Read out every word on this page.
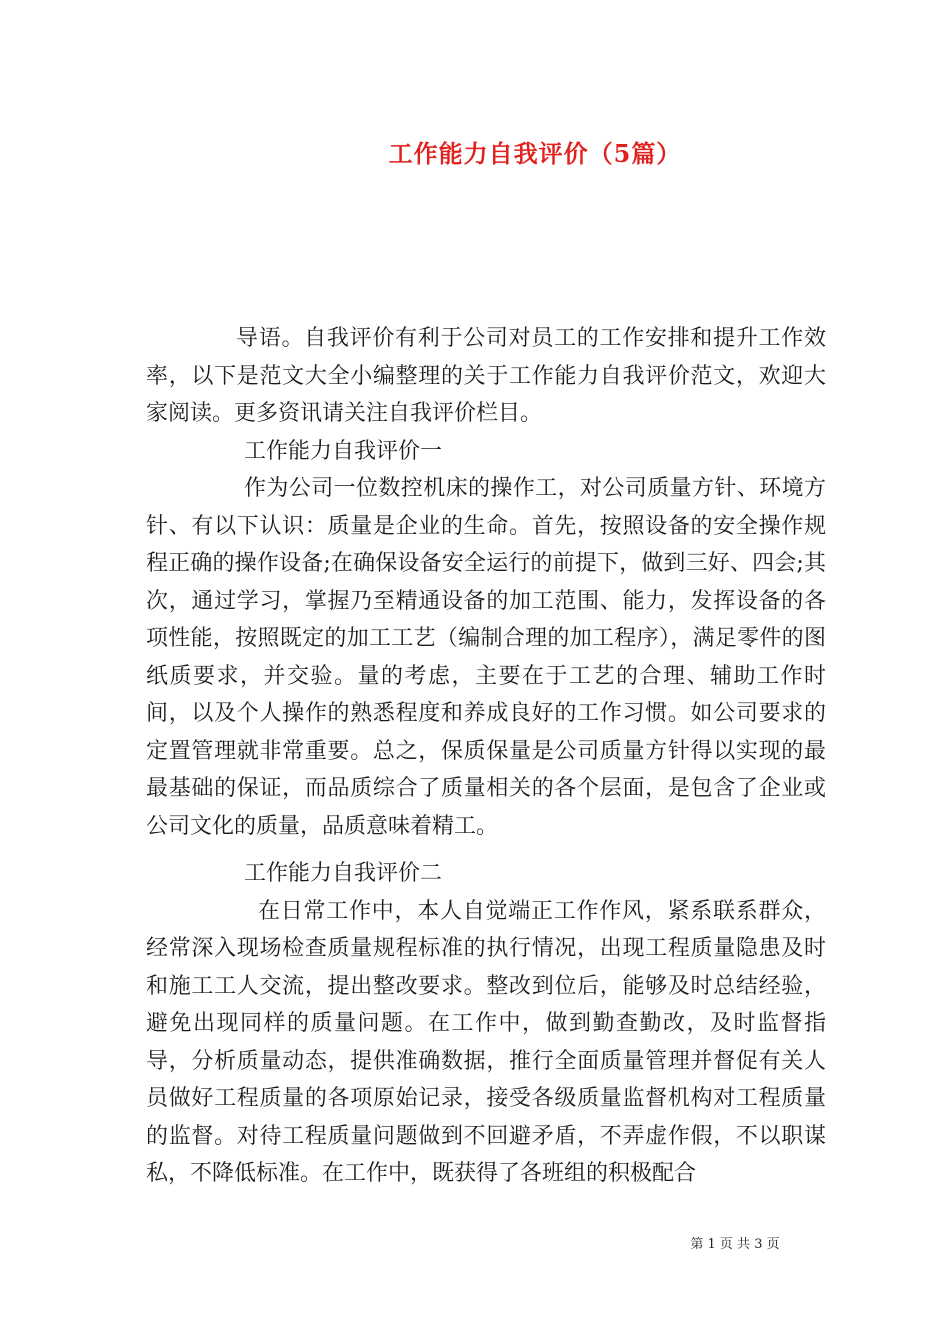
工作能力自我评价（5篇）

导语。自我评价有利于公司对员工的工作安排和提升工作效率，以下是范文大全小编整理的关于工作能力自我评价范文，欢迎大家阅读。更多资讯请关注自我评价栏目。

工作能力自我评价一

作为公司一位数控机床的操作工，对公司质量方针、环境方针、有以下认识：质量是企业的生命。首先，按照设备的安全操作规程正确的操作设备;在确保设备安全运行的前提下，做到三好、四会;其次，通过学习，掌握乃至精通设备的加工范围、能力，发挥设备的各项性能，按照既定的加工工艺（编制合理的加工程序），满足零件的图纸质要求，并交验。量的考虑，主要在于工艺的合理、辅助工作时间，以及个人操作的熟悉程度和养成良好的工作习惯。如公司要求的定置管理就非常重要。总之，保质保量是公司质量方针得以实现的最最基础的保证，而品质综合了质量相关的各个层面，是包含了企业或公司文化的质量，品质意味着精工。

工作能力自我评价二

在日常工作中，本人自觉端正工作作风，紧系联系群众，经常深入现场检查质量规程标准的执行情况，出现工程质量隐患及时和施工工人交流，提出整改要求。整改到位后，能够及时总结经验，避免出现同样的质量问题。在工作中，做到勤查勤改，及时监督指导，分析质量动态，提供准确数据，推行全面质量管理并督促有关人员做好工程质量的各项原始记录，接受各级质量监督机构对工程质量的监督。对待工程质量问题做到不回避矛盾，不弄虚作假，不以职谋私，不降低标准。在工作中，既获得了各班组的积极配合

第 1 页 共 3 页
